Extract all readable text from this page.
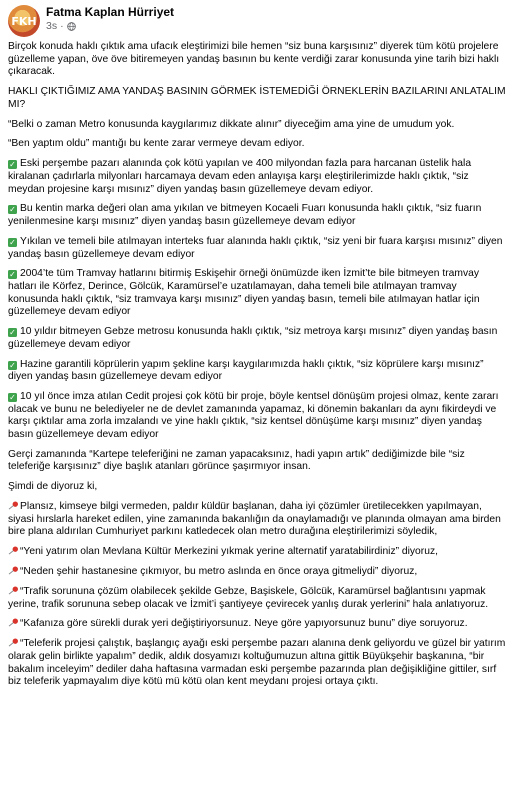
FKH
Fatma Kaplan Hürriyet
3s ·

Birçok konuda haklı çıktık ama ufacık eleştirimizi bile hemen “siz buna karşısınız” diyerek tüm kötü projelere güzelleme yapan, öve öve bitiremeyen yandaş basının bu kente verdiği zarar konusunda yine tarih bizi haklı çıkaracak.

HAKLI ÇIKTIĞIMIZ AMA YANDAŞ BASININ GÖRMEK İSTEMEDİĞİ ÖRNEKLERİN BAZILARINI ANLATALIM MI?

“Belki o zaman Metro konusunda kaygılarımız dikkate alınır” diyeceğim ama yine de umudum yok.

“Ben yaptım oldu” mantığı bu kente zarar vermeye devam ediyor.

✓ Eski perşembe pazarı alanında çok kötü yapılan ve 400 milyondan fazla para harcanan üstelik hala kiralanan çadırlarla milyonları harcamaya devam eden anlayışa karşı eleştirilerimizde haklı çıktık, “siz meydan projesine karşı mısınız” diyen yandaş basın güzellemeye devam ediyor.

✓ Bu kentin marka değeri olan ama yıkılan ve bitmeyen Kocaeli Fuarı konusunda haklı çıktık, “siz fuarın yenilenmesine karşı mısınız” diyen yandaş basın güzellemeye devam ediyor

✓ Yıkılan ve temeli bile atılmayan interteks fuar alanında haklı çıktık, “siz yeni bir fuara karşısı mısınız” diyen yandaş basın güzellemeye devam ediyor

✓ 2004’te tüm Tramvay hatlarını bitirmiş Eskişehir örneği önümüzde iken İzmit’te bile bitmeyen tramvay hatları ile Körfez, Derince, Gölcük, Karamürsel’e uzatılamayan, daha temeli bile atılmayan tramvay konusunda haklı çıktık, “siz tramvaya karşı mısınız” diyen yandaş basın, temeli bile atılmayan hatlar için güzellemeye devam ediyor

✓ 10 yıldır bitmeyen Gebze metrosu konusunda haklı çıktık, “siz metroya karşı mısınız” diyen yandaş basın güzellemeye devam ediyor

✓ Hazine garantili köprülerin yapım şekline karşı kaygılarımızda haklı çıktık, “siz köprülere karşı mısınız” diyen yandaş basın güzellemeye devam ediyor

✓ 10 yıl önce imza atılan Cedit projesi çok kötü bir proje, böyle kentsel dönüşüm projesi olmaz, kente zararı olacak ve bunu ne belediyeler ne de devlet zamanında yapamaz, ki dönemin bakanları da aynı fikirdeydi ve karşı çıktılar ama zorla imzalandı ve yine haklı çıktık, “siz kentsel dönüşüme karşı mısınız” diyen yandaş basın güzellemeye devam ediyor

Gerçi zamanında “Kartepe teleferiğini ne zaman yapacaksınız, hadi yapın artık” dediğimizde bile “siz teleferiğe karşısınız” diye başlık atanları görünce şaşırmıyor insan.

Şimdi de diyoruz ki,

Plansız, kimseye bilgi vermeden, paldır küldür başlanan, daha iyi çözümler üretilecekken yapılmayan, siyasi hırslarla hareket edilen, yine zamanında bakanlığın da onaylamadığı ve planında olmayan ama birden bire plana aldırılan Cumhuriyet parkını katledecek olan metro durağına eleştirilerimizi söyledik,

“Yeni yatırım olan Mevlana Kültür Merkezini yıkmak yerine alternatif yaratabilirdiniz” diyoruz,

“Neden şehir hastanesine çıkmıyor, bu metro aslında en önce oraya gitmeliydi” diyoruz,

“Trafik sorununa çözüm olabilecek şekilde Gebze, Başiskele, Gölcük, Karamürsel bağlantısını yapmak yerine, trafik sorununa sebep olacak ve İzmit’i şantiyeye çevirecek yanlış durak yerlerini” hala anlatıyoruz.

“Kafanıza göre sürekli durak yeri değiştiriyorsunuz. Neye göre yapıyorsunuz bunu” diye soruyoruz.

“Teleferik projesi çalıştık, başlangıç ayağı eski perşembe pazarı alanına denk geliyordu ve güzel bir yatırım olarak gelin birlikte yapalım” dedik, aldık dosyamızı koltuğumuzun altına gittik Büyükşehir başkanına, “bir bakalım inceleyim” dediler daha haftasına varmadan eski perşembe pazarında plan değişikliğine gittiler, sırf biz teleferik yapmayalım diye kötü mü kötü olan kent meydanı projesi ortaya çıktı.
